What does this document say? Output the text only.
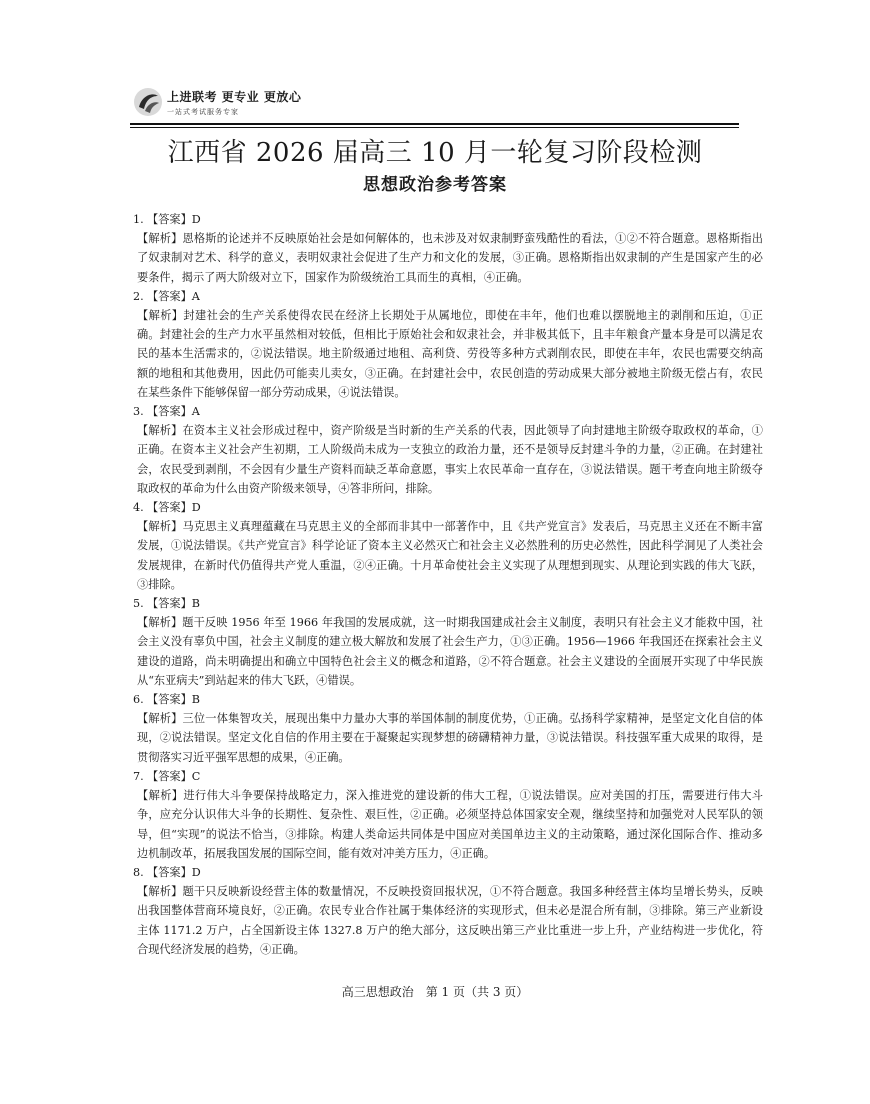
上进联考 更专业 更放心
一站式考试服务专家
江西省 2026 届高三 10 月一轮复习阶段检测
思想政治参考答案
1. 【答案】D
【解析】恩格斯的论述并不反映原始社会是如何解体的，也未涉及对奴隶制野蛮残酷性的看法，①②不符合题意。恩格斯指出了奴隶制对艺术、科学的意义，表明奴隶社会促进了生产力和文化的发展，③正确。恩格斯指出奴隶制的产生是国家产生的必要条件，揭示了两大阶级对立下，国家作为阶级统治工具而生的真相，④正确。
2. 【答案】A
【解析】封建社会的生产关系使得农民在经济上长期处于从属地位，即使在丰年，他们也难以摆脱地主的剥削和压迫，①正确。封建社会的生产力水平虽然相对较低，但相比于原始社会和奴隶社会，并非极其低下，且丰年粮食产量本身是可以满足农民的基本生活需求的，②说法错误。地主阶级通过地租、高利贷、劳役等多种方式剥削农民，即使在丰年，农民也需要交纳高额的地租和其他费用，因此仍可能卖儿卖女，③正确。在封建社会中，农民创造的劳动成果大部分被地主阶级无偿占有，农民在某些条件下能够保留一部分劳动成果，④说法错误。
3. 【答案】A
【解析】在资本主义社会形成过程中，资产阶级是当时新的生产关系的代表，因此领导了向封建地主阶级夺取政权的革命，①正确。在资本主义社会产生初期，工人阶级尚未成为一支独立的政治力量，还不是领导反封建斗争的力量，②正确。在封建社会，农民受到剥削，不会因有少量生产资料而缺乏革命意愿，事实上农民革命一直存在，③说法错误。题干考查向地主阶级夺取政权的革命为什么由资产阶级来领导，④答非所问，排除。
4. 【答案】D
【解析】马克思主义真理蕴藏在马克思主义的全部而非其中一部著作中，且《共产党宣言》发表后，马克思主义还在不断丰富发展，①说法错误。《共产党宣言》科学论证了资本主义必然灭亡和社会主义必然胜利的历史必然性，因此科学洞见了人类社会发展规律，在新时代仍值得共产党人重温，②④正确。十月革命使社会主义实现了从理想到现实、从理论到实践的伟大飞跃，③排除。
5. 【答案】B
【解析】题干反映 1956 年至 1966 年我国的发展成就，这一时期我国建成社会主义制度，表明只有社会主义才能救中国，社会主义没有辜负中国，社会主义制度的建立极大解放和发展了社会生产力，①③正确。1956—1966 年我国还在探索社会主义建设的道路，尚未明确提出和确立中国特色社会主义的概念和道路，②不符合题意。社会主义建设的全面展开实现了中华民族从“东亚病夫”到站起来的伟大飞跃，④错误。
6. 【答案】B
【解析】三位一体集智攻关，展现出集中力量办大事的举国体制的制度优势，①正确。弘扬科学家精神，是坚定文化自信的体现，②说法错误。坚定文化自信的作用主要在于凝聚起实现梦想的磅礴精神力量，③说法错误。科技强军重大成果的取得，是贯彻落实习近平强军思想的成果，④正确。
7. 【答案】C
【解析】进行伟大斗争要保持战略定力，深入推进党的建设新的伟大工程，①说法错误。应对美国的打压，需要进行伟大斗争，应充分认识伟大斗争的长期性、复杂性、艰巨性，②正确。必须坚持总体国家安全观，继续坚持和加强党对人民军队的领导，但“实现”的说法不恰当，③排除。构建人类命运共同体是中国应对美国单边主义的主动策略，通过深化国际合作、推动多边机制改革，拓展我国发展的国际空间，能有效对冲美方压力，④正确。
8. 【答案】D
【解析】题干只反映新设经营主体的数量情况，不反映投资回报状况，①不符合题意。我国多种经营主体均呈增长势头，反映出我国整体营商环境良好，②正确。农民专业合作社属于集体经济的实现形式，但未必是混合所有制，③排除。第三产业新设主体 1171.2 万户，占全国新设主体 1327.8 万户的绝大部分，这反映出第三产业比重进一步上升，产业结构进一步优化，符合现代经济发展的趋势，④正确。
高三思想政治　第 1 页（共 3 页）
